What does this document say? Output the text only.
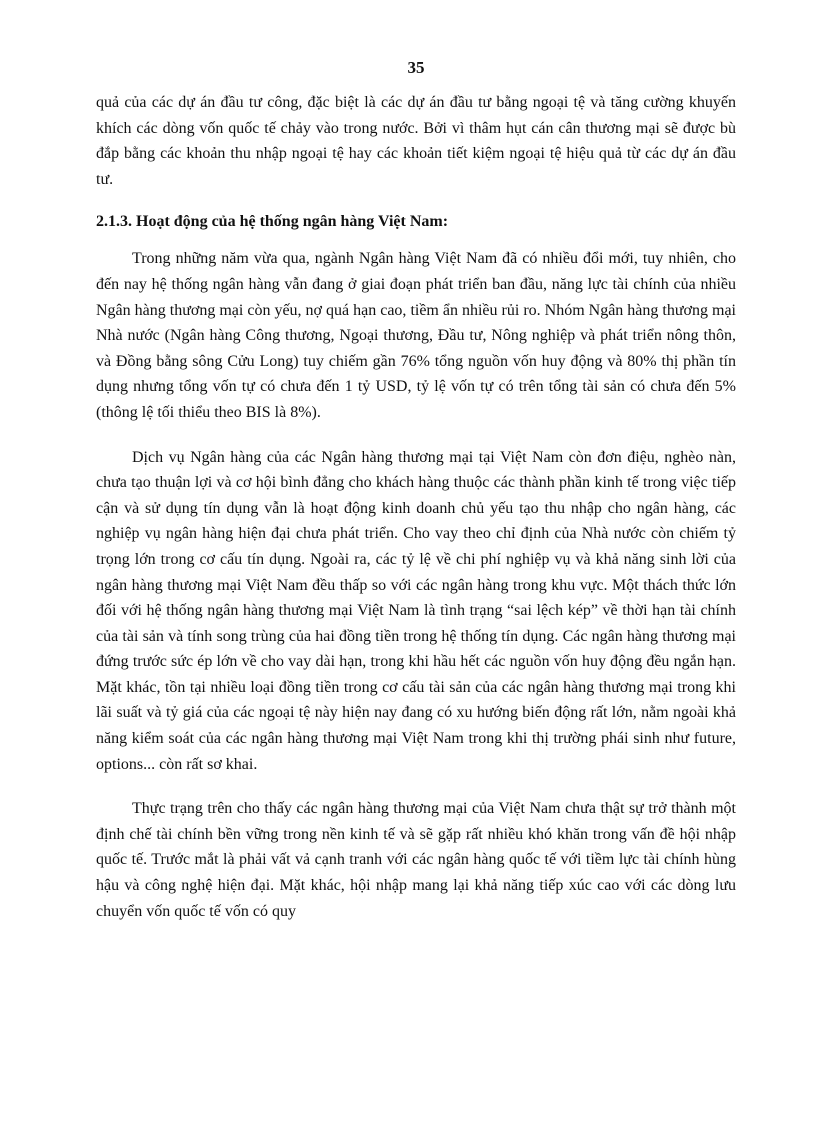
35

quả của các dự án đầu tư công, đặc biệt là các dự án đầu tư bằng ngoại tệ và tăng cường khuyến khích các dòng vốn quốc tế chảy vào trong nước. Bởi vì thâm hụt cán cân thương mại sẽ được bù đắp bằng các khoản thu nhập ngoại tệ hay các khoản tiết kiệm ngoại tệ hiệu quả từ các dự án đầu tư.

2.1.3. Hoạt động của hệ thống ngân hàng Việt Nam:

Trong những năm vừa qua, ngành Ngân hàng Việt Nam đã có nhiều đổi mới, tuy nhiên, cho đến nay hệ thống ngân hàng vẫn đang ở giai đoạn phát triển ban đầu, năng lực tài chính của nhiều Ngân hàng thương mại còn yếu, nợ quá hạn cao, tiềm ẩn nhiều rủi ro. Nhóm Ngân hàng thương mại Nhà nước (Ngân hàng Công thương, Ngoại thương, Đầu tư, Nông nghiệp và phát triển nông thôn, và Đồng bằng sông Cửu Long) tuy chiếm gần 76% tổng nguồn vốn huy động và 80% thị phần tín dụng nhưng tổng vốn tự có chưa đến 1 tỷ USD, tỷ lệ vốn tự có trên tổng tài sản có chưa đến 5% (thông lệ tối thiểu theo BIS là 8%).

Dịch vụ Ngân hàng của các Ngân hàng thương mại tại Việt Nam còn đơn điệu, nghèo nàn, chưa tạo thuận lợi và cơ hội bình đẳng cho khách hàng thuộc các thành phần kinh tế trong việc tiếp cận và sử dụng tín dụng vẫn là hoạt động kinh doanh chủ yếu tạo thu nhập cho ngân hàng, các nghiệp vụ ngân hàng hiện đại chưa phát triển. Cho vay theo chỉ định của Nhà nước còn chiếm tỷ trọng lớn trong cơ cấu tín dụng. Ngoài ra, các tỷ lệ về chi phí nghiệp vụ và khả năng sinh lời của ngân hàng thương mại Việt Nam đều thấp so với các ngân hàng trong khu vực. Một thách thức lớn đối với hệ thống ngân hàng thương mại Việt Nam là tình trạng “sai lệch kép” về thời hạn tài chính của tài sản và tính song trùng của hai đồng tiền trong hệ thống tín dụng. Các ngân hàng thương mại đứng trước sức ép lớn về cho vay dài hạn, trong khi hầu hết các nguồn vốn huy động đều ngắn hạn. Mặt khác, tồn tại nhiều loại đồng tiền trong cơ cấu tài sản của các ngân hàng thương mại trong khi lãi suất và tỷ giá của các ngoại tệ này hiện nay đang có xu hướng biến động rất lớn, nằm ngoài khả năng kiểm soát của các ngân hàng thương mại Việt Nam trong khi thị trường phái sinh như future, options... còn rất sơ khai.

Thực trạng trên cho thấy các ngân hàng thương mại của Việt Nam chưa thật sự trở thành một định chế tài chính bền vững trong nền kinh tế và sẽ gặp rất nhiều khó khăn trong vấn đề hội nhập quốc tế. Trước mắt là phải vất vả cạnh tranh với các ngân hàng quốc tế với tiềm lực tài chính hùng hậu và công nghệ hiện đại. Mặt khác, hội nhập mang lại khả năng tiếp xúc cao với các dòng lưu chuyển vốn quốc tế vốn có quy
